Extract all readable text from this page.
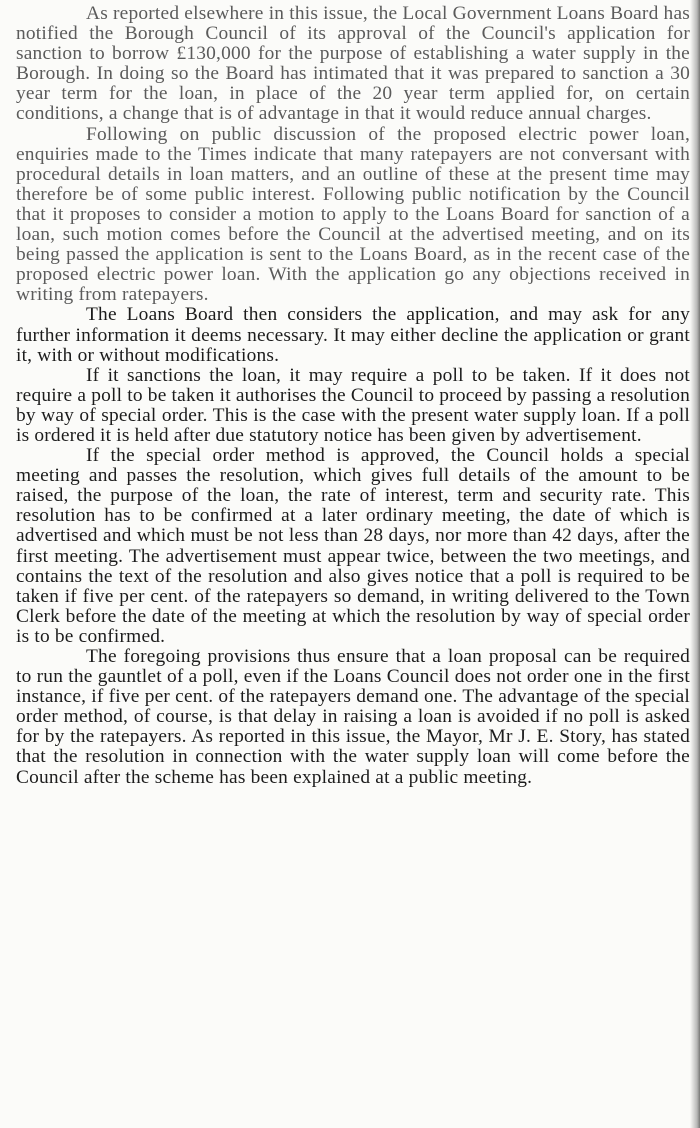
As reported elsewhere in this issue, the Local Government Loans Board has notified the Borough Council of its approval of the Council's application for sanction to borrow £130,000 for the purpose of establishing a water supply in the Borough. In doing so the Board has intimated that it was prepared to sanction a 30 year term for the loan, in place of the 20 year term applied for, on certain conditions, a change that is of advantage in that it would reduce annual charges.

Following on public discussion of the proposed electric power loan, enquiries made to the Times indicate that many ratepayers are not conversant with procedural details in loan matters, and an outline of these at the present time may therefore be of some public interest. Following public notification by the Council that it proposes to consider a motion to apply to the Loans Board for sanction of a loan, such motion comes before the Council at the advertised meeting, and on its being passed the application is sent to the Loans Board, as in the recent case of the proposed electric power loan. With the application go any objections received in writing from ratepayers.

The Loans Board then considers the application, and may ask for any further information it deems necessary. It may either decline the application or grant it, with or without modifications.

If it sanctions the loan, it may require a poll to be taken. If it does not require a poll to be taken it authorises the Council to proceed by passing a resolution by way of special order. This is the case with the present water supply loan. If a poll is ordered it is held after due statutory notice has been given by advertisement.

If the special order method is approved, the Council holds a special meeting and passes the resolution, which gives full details of the amount to be raised, the purpose of the loan, the rate of interest, term and security rate. This resolution has to be confirmed at a later ordinary meeting, the date of which is advertised and which must be not less than 28 days, nor more than 42 days, after the first meeting. The advertisement must appear twice, between the two meetings, and contains the text of the resolution and also gives notice that a poll is required to be taken if five per cent. of the ratepayers so demand, in writing delivered to the Town Clerk before the date of the meeting at which the resolution by way of special order is to be confirmed.

The foregoing provisions thus ensure that a loan proposal can be required to run the gauntlet of a poll, even if the Loans Council does not order one in the first instance, if five per cent. of the ratepayers demand one. The advantage of the special order method, of course, is that delay in raising a loan is avoided if no poll is asked for by the ratepayers. As reported in this issue, the Mayor, Mr J. E. Story, has stated that the resolution in connection with the water supply loan will come before the Council after the scheme has been explained at a public meeting.
